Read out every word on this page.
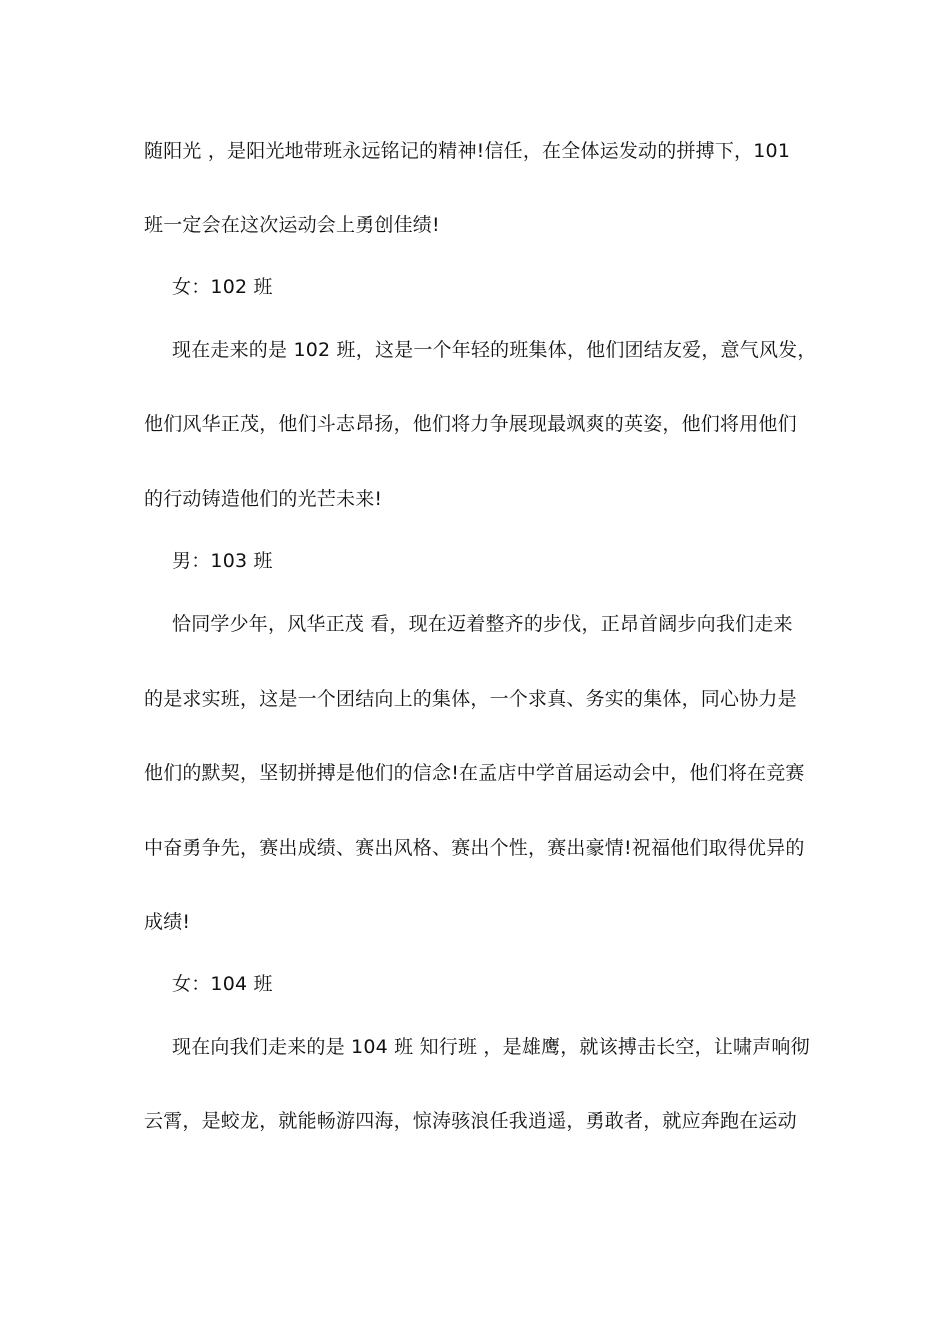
随阳光 ，是阳光地带班永远铭记的精神!信任，在全体运发动的拼搏下，101
班一定会在这次运动会上勇创佳绩!
女：102 班
现在走来的是 102 班，这是一个年轻的班集体，他们团结友爱，意气风发，
他们风华正茂，他们斗志昂扬，他们将力争展现最飒爽的英姿，他们将用他们
的行动铸造他们的光芒未来!
男：103 班
恰同学少年，风华正茂 看，现在迈着整齐的步伐，正昂首阔步向我们走来
的是求实班，这是一个团结向上的集体，一个求真、务实的集体，同心协力是
他们的默契，坚韧拼搏是他们的信念!在孟店中学首届运动会中，他们将在竞赛
中奋勇争先，赛出成绩、赛出风格、赛出个性，赛出豪情!祝福他们取得优异的
成绩!
女：104 班
现在向我们走来的是 104 班 知行班 ，是雄鹰，就该搏击长空，让啸声响彻
云霄，是蛟龙，就能畅游四海，惊涛骇浪任我逍遥，勇敢者，就应奔跑在运动
